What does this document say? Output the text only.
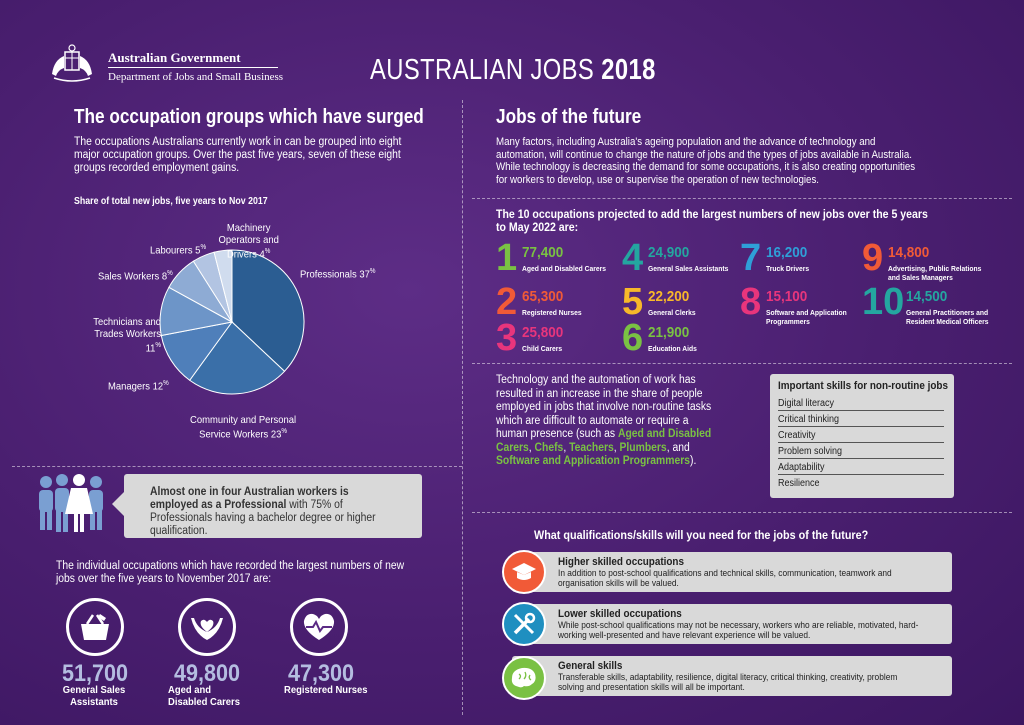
Australian Government
Department of Jobs and Small Business	AUSTRALIAN JOBS 2018
The occupation groups which have surged
The occupations Australians currently work in can be grouped into eight major occupation groups. Over the past five years, seven of these eight groups recorded employment gains.
Share of total new jobs, five years to Nov 2017
Professionals 37%
Community and Personal Service Workers 23%
Managers 12%
Technicians and Trades Workers 11%
Sales Workers 8%
Labourers 5%
Machinery Operators and Drivers 4%
Almost one in four Australian workers is employed as a Professional with 75% of Professionals having a bachelor degree or higher qualification.
The individual occupations which have recorded the largest numbers of new jobs over the five years to November 2017 are:
51,700
General Sales Assistants
49,800
Aged and Disabled Carers
47,300
Registered Nurses
Jobs of the future
Many factors, including Australia's ageing population and the advance of technology and automation, will continue to change the nature of jobs and the types of jobs available in Australia. While technology is decreasing the demand for some occupations, it is also creating opportunities for workers to develop, use or supervise the operation of new technologies.
The 10 occupations projected to add the largest numbers of new jobs over the 5 years to May 2022 are:
1 77,400
Aged and Disabled Carers
2 65,300
Registered Nurses
3 25,800
Child Carers
4 24,900
General Sales Assistants
5 22,200
General Clerks
6 21,900
Education Aids
7 16,200
Truck Drivers
8 15,100
Software and Application Programmers
9 14,800
Advertising, Public Relations and Sales Managers
10 14,500
General Practitioners and Resident Medical Officers
Technology and the automation of work has resulted in an increase in the share of people employed in jobs that involve non-routine tasks which are difficult to automate or require a human presence (such as Aged and Disabled Carers, Chefs, Teachers, Plumbers, and Software and Application Programmers).
Important skills for non-routine jobs
Digital literacy
Critical thinking
Creativity
Problem solving
Adaptability
Resilience
What qualifications/skills will you need for the jobs of the future?
Higher skilled occupations
In addition to post-school qualifications and technical skills, communication, teamwork and organisation skills will be valued.
Lower skilled occupations
While post-school qualifications may not be necessary, workers who are reliable, motivated, hard-working well-presented and have relevant experience will be valued.
General skills
Transferable skills, adaptability, resilience, digital literacy, critical thinking, creativity, problem solving and presentation skills will all be important.
